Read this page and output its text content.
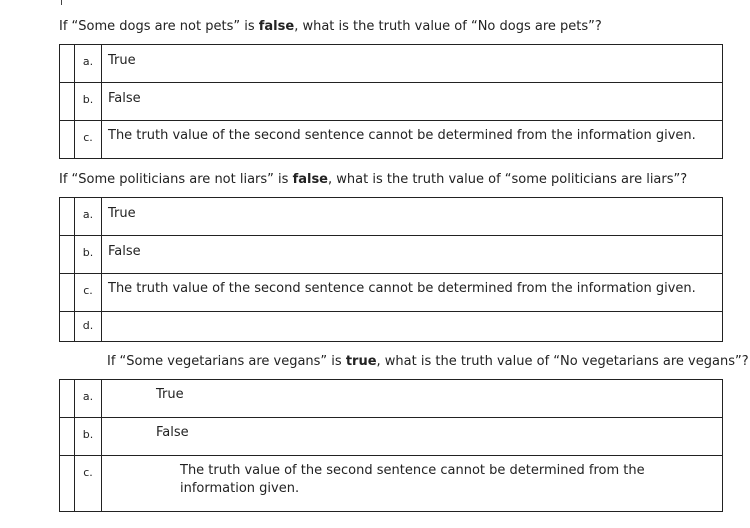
If “Some dogs are not pets” is false, what is the truth value of “No dogs are pets”?

	a.	True

	b.	False

	c.	The truth value of the second sentence cannot be determined from the information given.
If “Some politicians are not liars” is false, what is the truth value of “some politicians are liars”?

	a.	True

	b.	False

	c.	The truth value of the second sentence cannot be determined from the information given.

	d.	

If “Some vegetarians are vegans” is true, what is the truth value of “No vegetarians are vegans”?

	a.	True

	b.	False

	c.	The truth value of the second sentence cannot be determined from the information given.
